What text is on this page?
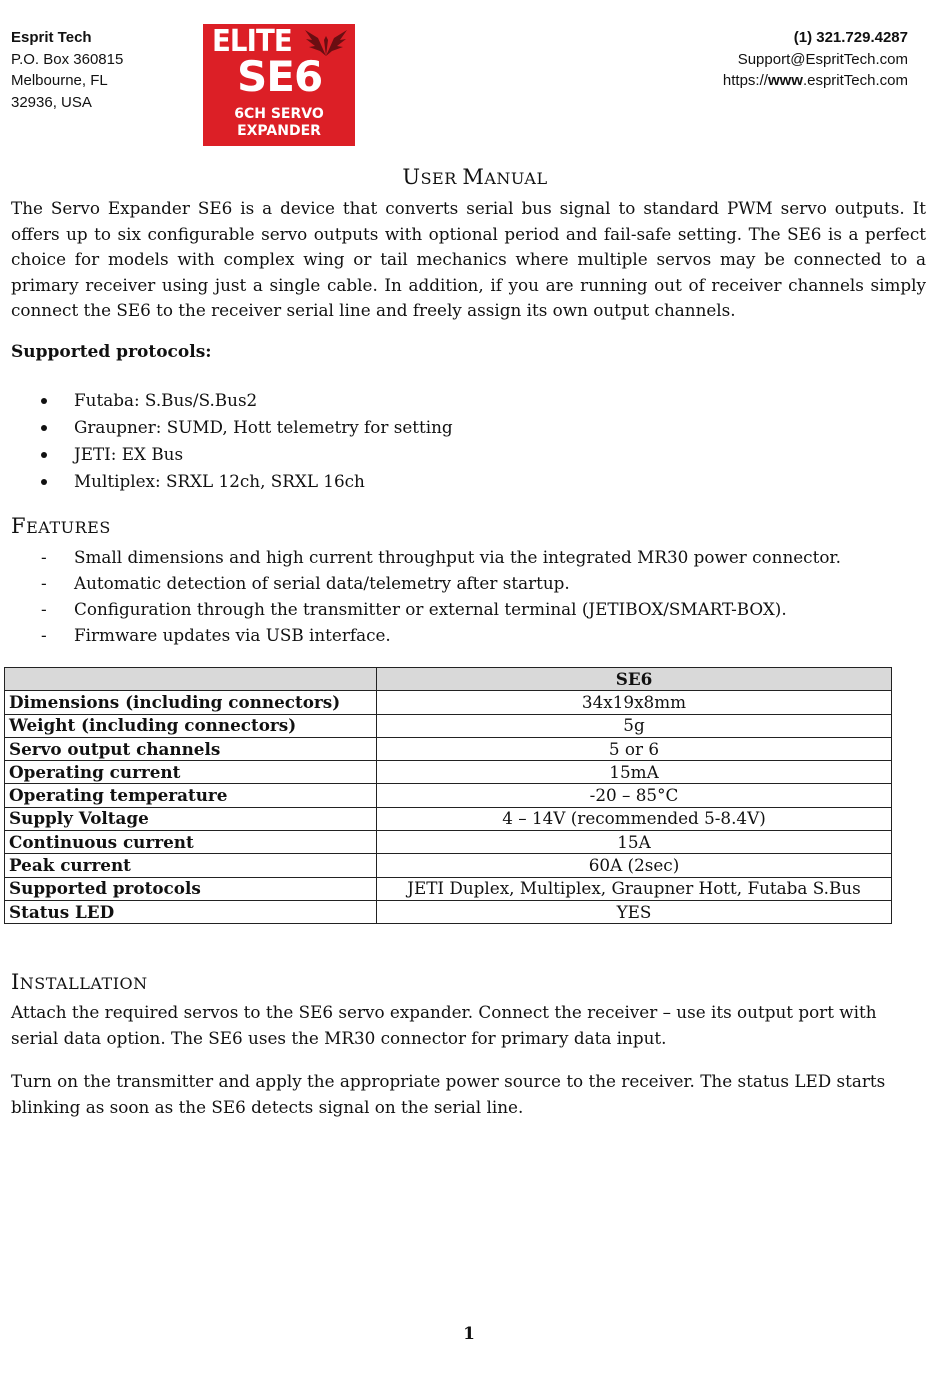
Esprit Tech
P.O. Box 360815
Melbourne, FL
32936, USA
ELITE
SE6
6CH SERVO
EXPANDER
(1) 321.729.4287
Support@EspritTech.com
https://www.espritTech.com
USER MANUAL
The Servo Expander SE6 is a device that converts serial bus signal to standard PWM servo outputs. It offers up to six configurable servo outputs with optional period and fail-safe setting. The SE6 is a perfect choice for models with complex wing or tail mechanics where multiple servos may be connected to a primary receiver using just a single cable. In addition, if you are running out of receiver channels simply connect the SE6 to the receiver serial line and freely assign its own output channels.
Supported protocols:
Futaba: S.Bus/S.Bus2
Graupner: SUMD, Hott telemetry for setting
JETI: EX Bus
Multiplex: SRXL 12ch, SRXL 16ch
FEATURES
- Small dimensions and high current throughput via the integrated MR30 power connector.
- Automatic detection of serial data/telemetry after startup.
- Configuration through the transmitter or external terminal (JETIBOX/SMART-BOX).
- Firmware updates via USB interface.
	SE6
Dimensions (including connectors)	34x19x8mm
Weight (including connectors)	5g
Servo output channels	5 or 6
Operating current	15mA
Operating temperature	-20 – 85°C
Supply Voltage	4 – 14V (recommended 5-8.4V)
Continuous current	15A
Peak current	60A (2sec)
Supported protocols	JETI Duplex, Multiplex, Graupner Hott, Futaba S.Bus
Status LED	YES
INSTALLATION
Attach the required servos to the SE6 servo expander. Connect the receiver – use its output port with serial data option. The SE6 uses the MR30 connector for primary data input.
Turn on the transmitter and apply the appropriate power source to the receiver. The status LED starts blinking as soon as the SE6 detects signal on the serial line.
1
